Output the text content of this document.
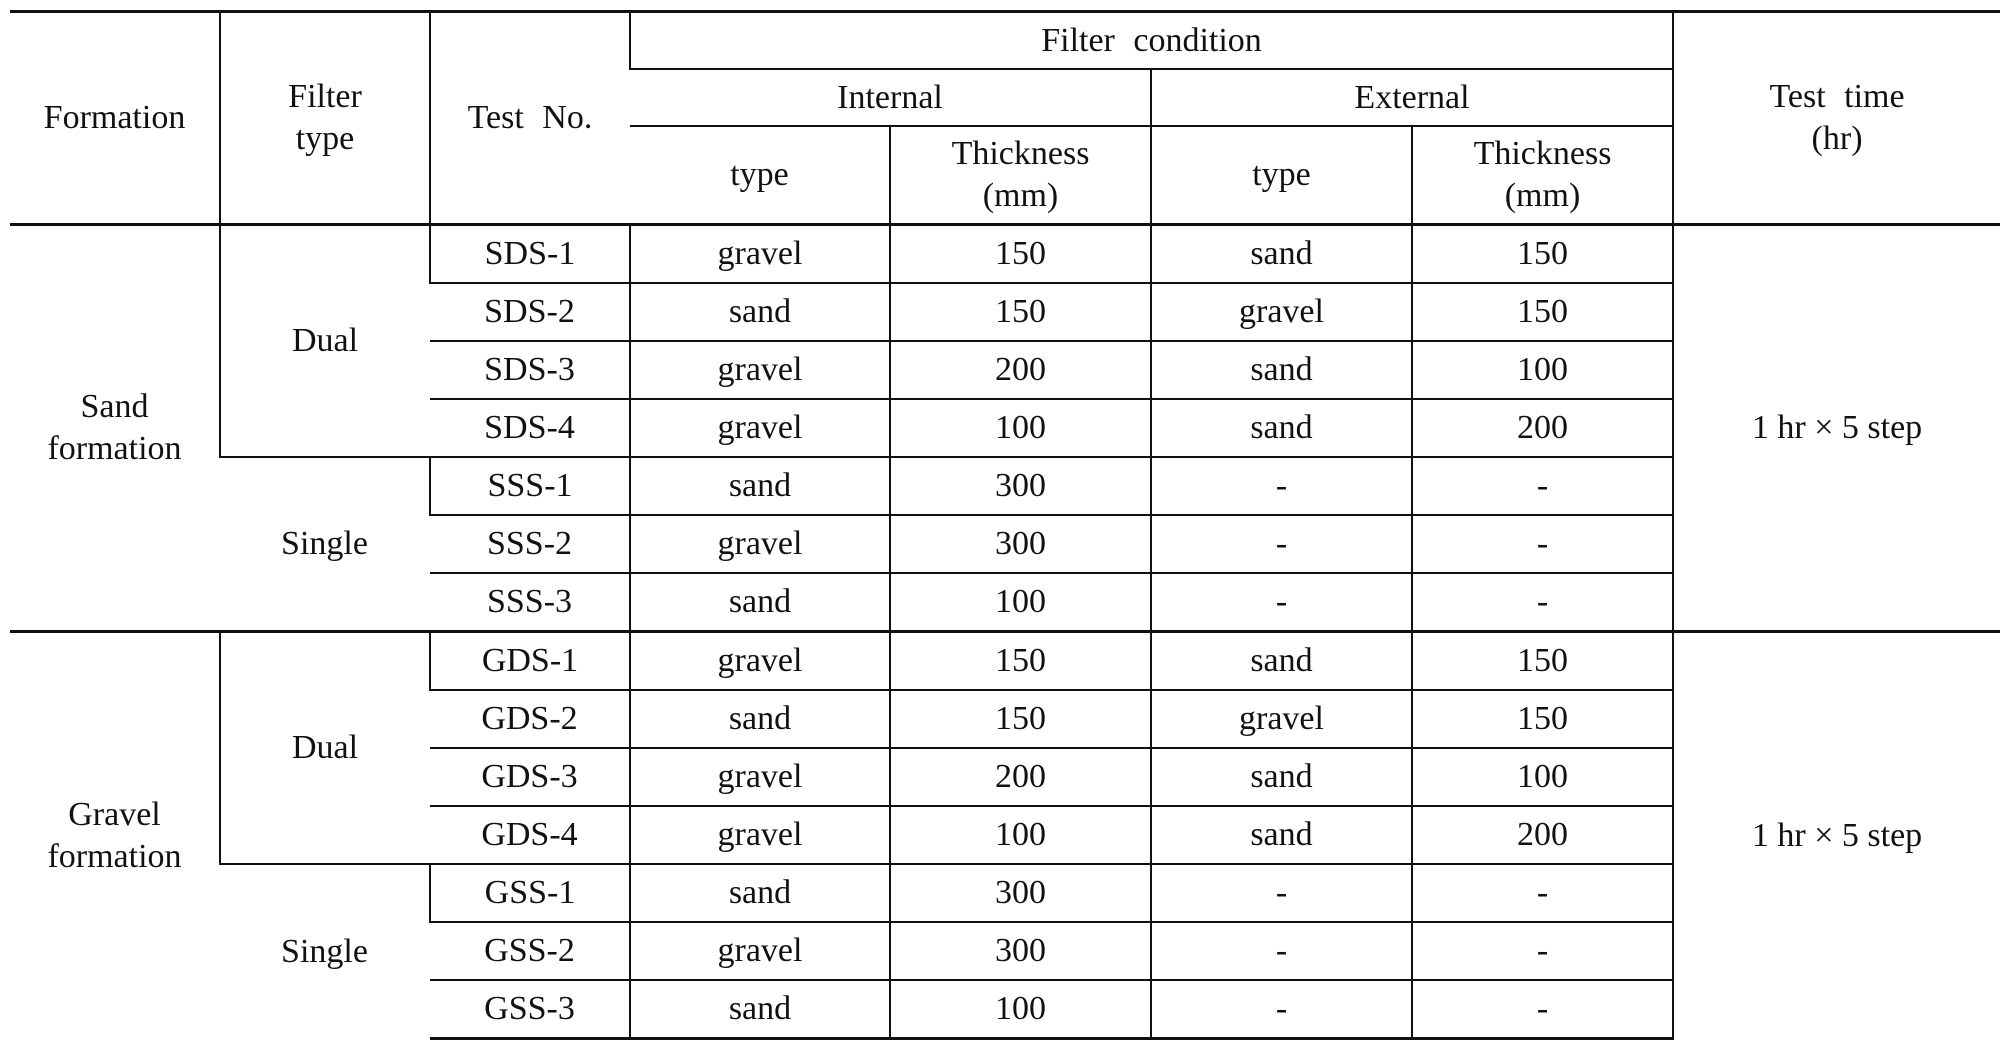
Formation	Filter type	Test No.	Filter condition				Test time (hr)
			Internal		External		
			type	Thickness (mm)	type	Thickness (mm)	
Sand formation	Dual	SDS-1	gravel	150	sand	150	1 hr × 5 step
		SDS-2	sand	150	gravel	150	
		SDS-3	gravel	200	sand	100	
		SDS-4	gravel	100	sand	200	
	Single	SSS-1	sand	300	-	-	
		SSS-2	gravel	300	-	-	
		SSS-3	sand	100	-	-	
Gravel formation	Dual	GDS-1	gravel	150	sand	150	1 hr × 5 step
		GDS-2	sand	150	gravel	150	
		GDS-3	gravel	200	sand	100	
		GDS-4	gravel	100	sand	200	
	Single	GSS-1	sand	300	-	-	
		GSS-2	gravel	300	-	-	
		GSS-3	sand	100	-	-	
